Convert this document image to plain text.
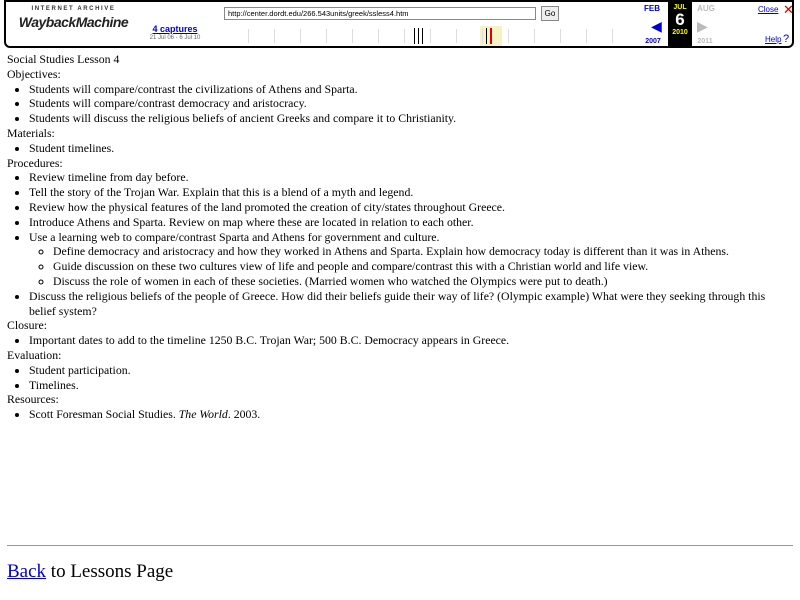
INTERNET ARCHIVE
WaybackMachine	4 captures
21 Jul 06 - 6 Jul 10
http://center.dordt.edu/266.543units/greek/ssless4.htm
Go
FEB
◀
2007
JUL
6
2010
AUG
▶
2011
Close ✕
Help ?

Social Studies Lesson 4

Objectives:

• Students will compare/contrast the civilizations of Athens and Sparta.
• Students will compare/contrast democracy and aristocracy.
• Students will discuss the religious beliefs of ancient Greeks and compare it to Christianity.

Materials:

• Student timelines.

Procedures:

• Review timeline from day before.
• Tell the story of the Trojan War. Explain that this is a blend of a myth and legend.
• Review how the physical features of the land promoted the creation of city/states throughout Greece.
• Introduce Athens and Sparta. Review on map where these are located in relation to each other.
• Use a learning web to compare/contrast Sparta and Athens for government and culture.
◦ Define democracy and aristocracy and how they worked in Athens and Sparta. Explain how democracy today is different than it was in Athens.
◦ Guide discussion on these two cultures view of life and people and compare/contrast this with a Christian world and life view.
◦ Discuss the role of women in each of these societies. (Married women who watched the Olympics were put to death.)
• Discuss the religious beliefs of the people of Greece. How did their beliefs guide their way of life? (Olympic example) What were they seeking through this belief system?

Closure:

• Important dates to add to the timeline 1250 B.C. Trojan War; 500 B.C. Democracy appears in Greece.

Evaluation:

• Student participation.
• Timelines.

Resources:

• Scott Foresman Social Studies. The World. 2003.
Back to Lessons Page
